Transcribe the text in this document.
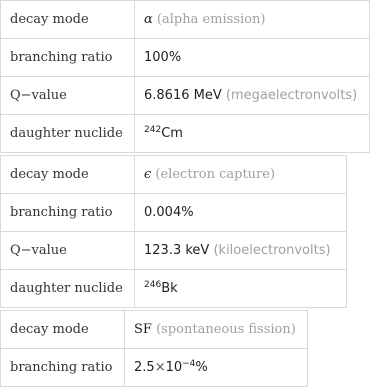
decay mode	α (alpha emission)
branching ratio	100%
Q−value	6.8616 MeV (megaelectronvolts)
daughter nuclide	$^{242}$Cm
decay mode	ϵ (electron capture)
branching ratio	0.004%
Q−value	123.3 keV (kiloelectronvolts)
daughter nuclide	$^{246}$Bk
decay mode	SF (spontaneous fission)
branching ratio	$2.5\times 10^{-4}\%$
